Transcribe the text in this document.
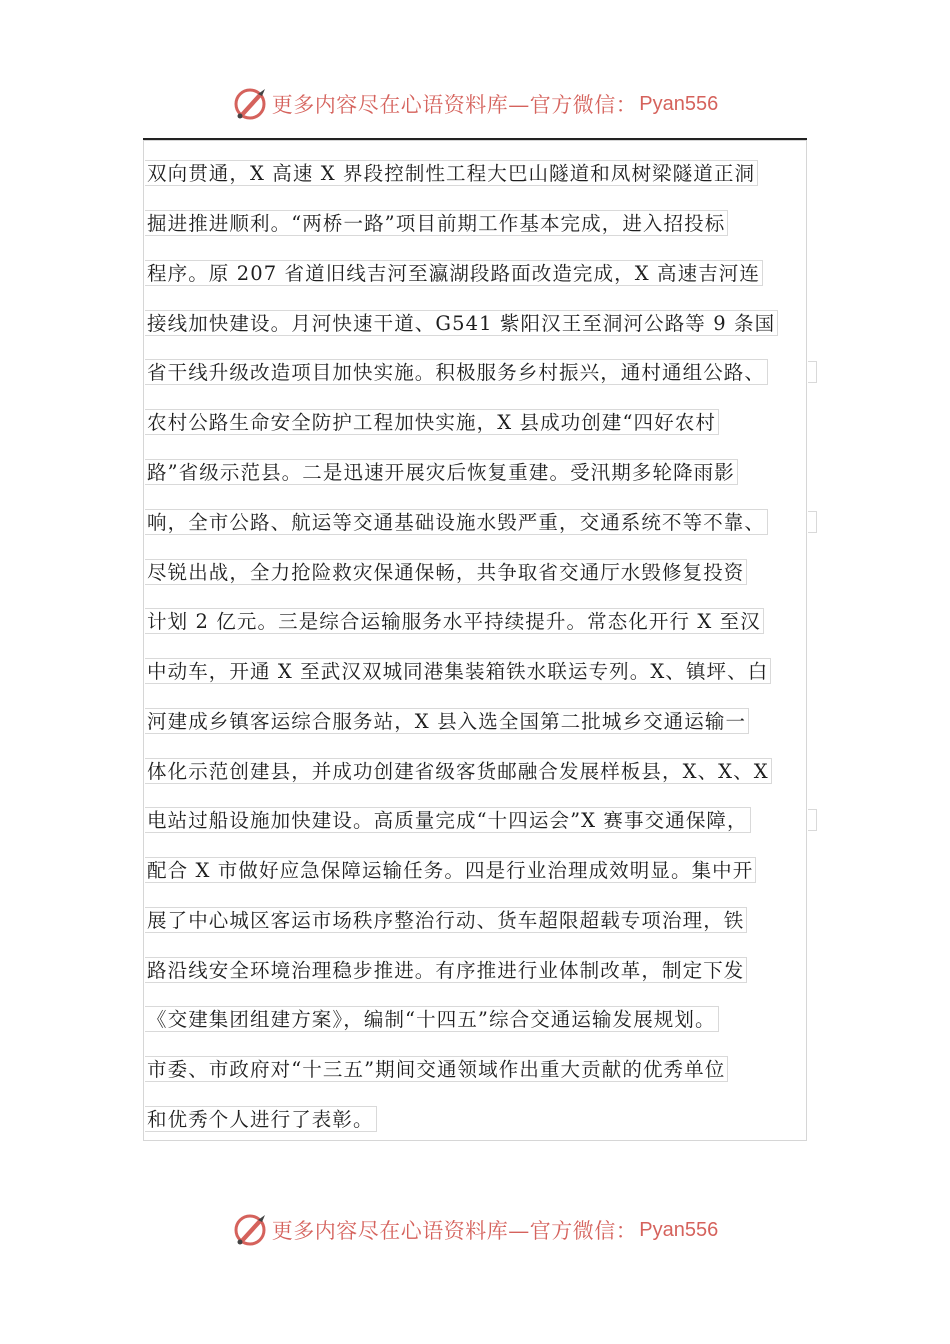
更多内容尽在心语资料库—官方微信： Pyan556
双向贯通，X 高速 X 界段控制性工程大巴山隧道和凤树梁隧道正洞
掘进推进顺利。“两桥一路”项目前期工作基本完成，进入招投标
程序。原 207 省道旧线吉河至瀛湖段路面改造完成，X 高速吉河连
接线加快建设。月河快速干道、G541 紫阳汉王至洞河公路等 9 条国
省干线升级改造项目加快实施。积极服务乡村振兴，通村通组公路、
农村公路生命安全防护工程加快实施，X 县成功创建“四好农村
路”省级示范县。二是迅速开展灾后恢复重建。受汛期多轮降雨影
响，全市公路、航运等交通基础设施水毁严重，交通系统不等不靠、
尽锐出战，全力抢险救灾保通保畅，共争取省交通厅水毁修复投资
计划 2 亿元。三是综合运输服务水平持续提升。常态化开行 X 至汉
中动车，开通 X 至武汉双城同港集装箱铁水联运专列。X、镇坪、白
河建成乡镇客运综合服务站，X 县入选全国第二批城乡交通运输一
体化示范创建县，并成功创建省级客货邮融合发展样板县，X、X、X
电站过船设施加快建设。高质量完成“十四运会”X 赛事交通保障，
配合 X 市做好应急保障运输任务。四是行业治理成效明显。集中开
展了中心城区客运市场秩序整治行动、货车超限超载专项治理，铁
路沿线安全环境治理稳步推进。有序推进行业体制改革，制定下发
《交建集团组建方案》，编制“十四五”综合交通运输发展规划。
市委、市政府对“十三五”期间交通领域作出重大贡献的优秀单位
和优秀个人进行了表彰。
更多内容尽在心语资料库—官方微信： Pyan556
